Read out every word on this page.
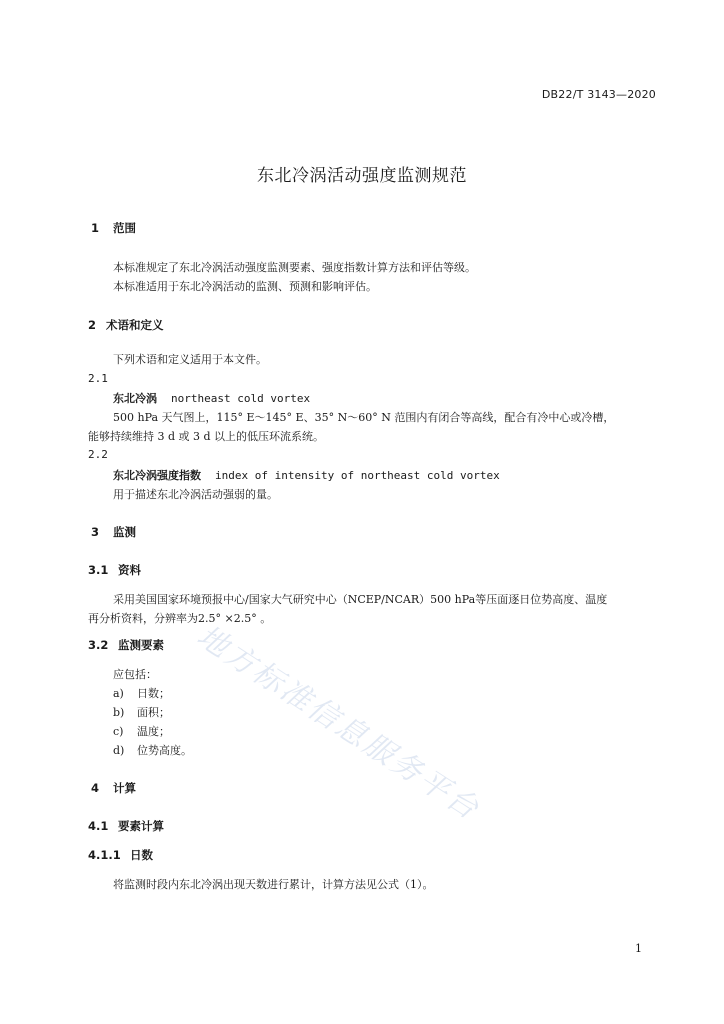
DB22/T 3143—2020
东北冷涡活动强度监测规范
1 范围
本标准规定了东北冷涡活动强度监测要素、强度指数计算方法和评估等级。
本标准适用于东北冷涡活动的监测、预测和影响评估。
2 术语和定义
下列术语和定义适用于本文件。
2.1
东北冷涡 northeast cold vortex
500 hPa 天气图上，115° E～145° E、35° N～60° N 范围内有闭合等高线，配合有冷中心或冷槽，
能够持续维持 3 d 或 3 d 以上的低压环流系统。
2.2
东北冷涡强度指数 index of intensity of northeast cold vortex
用于描述东北冷涡活动强弱的量。
3 监测
3.1 资料
采用美国国家环境预报中心/国家大气研究中心（NCEP/NCAR）500 hPa等压面逐日位势高度、温度
再分析资料，分辨率为2.5° ×2.5° 。
3.2 监测要素
应包括：
a) 日数；
b) 面积；
c) 温度；
d) 位势高度。
4 计算
4.1 要素计算
4.1.1 日数
将监测时段内东北冷涡出现天数进行累计，计算方法见公式（1）。
地方标准信息服务平台
1
